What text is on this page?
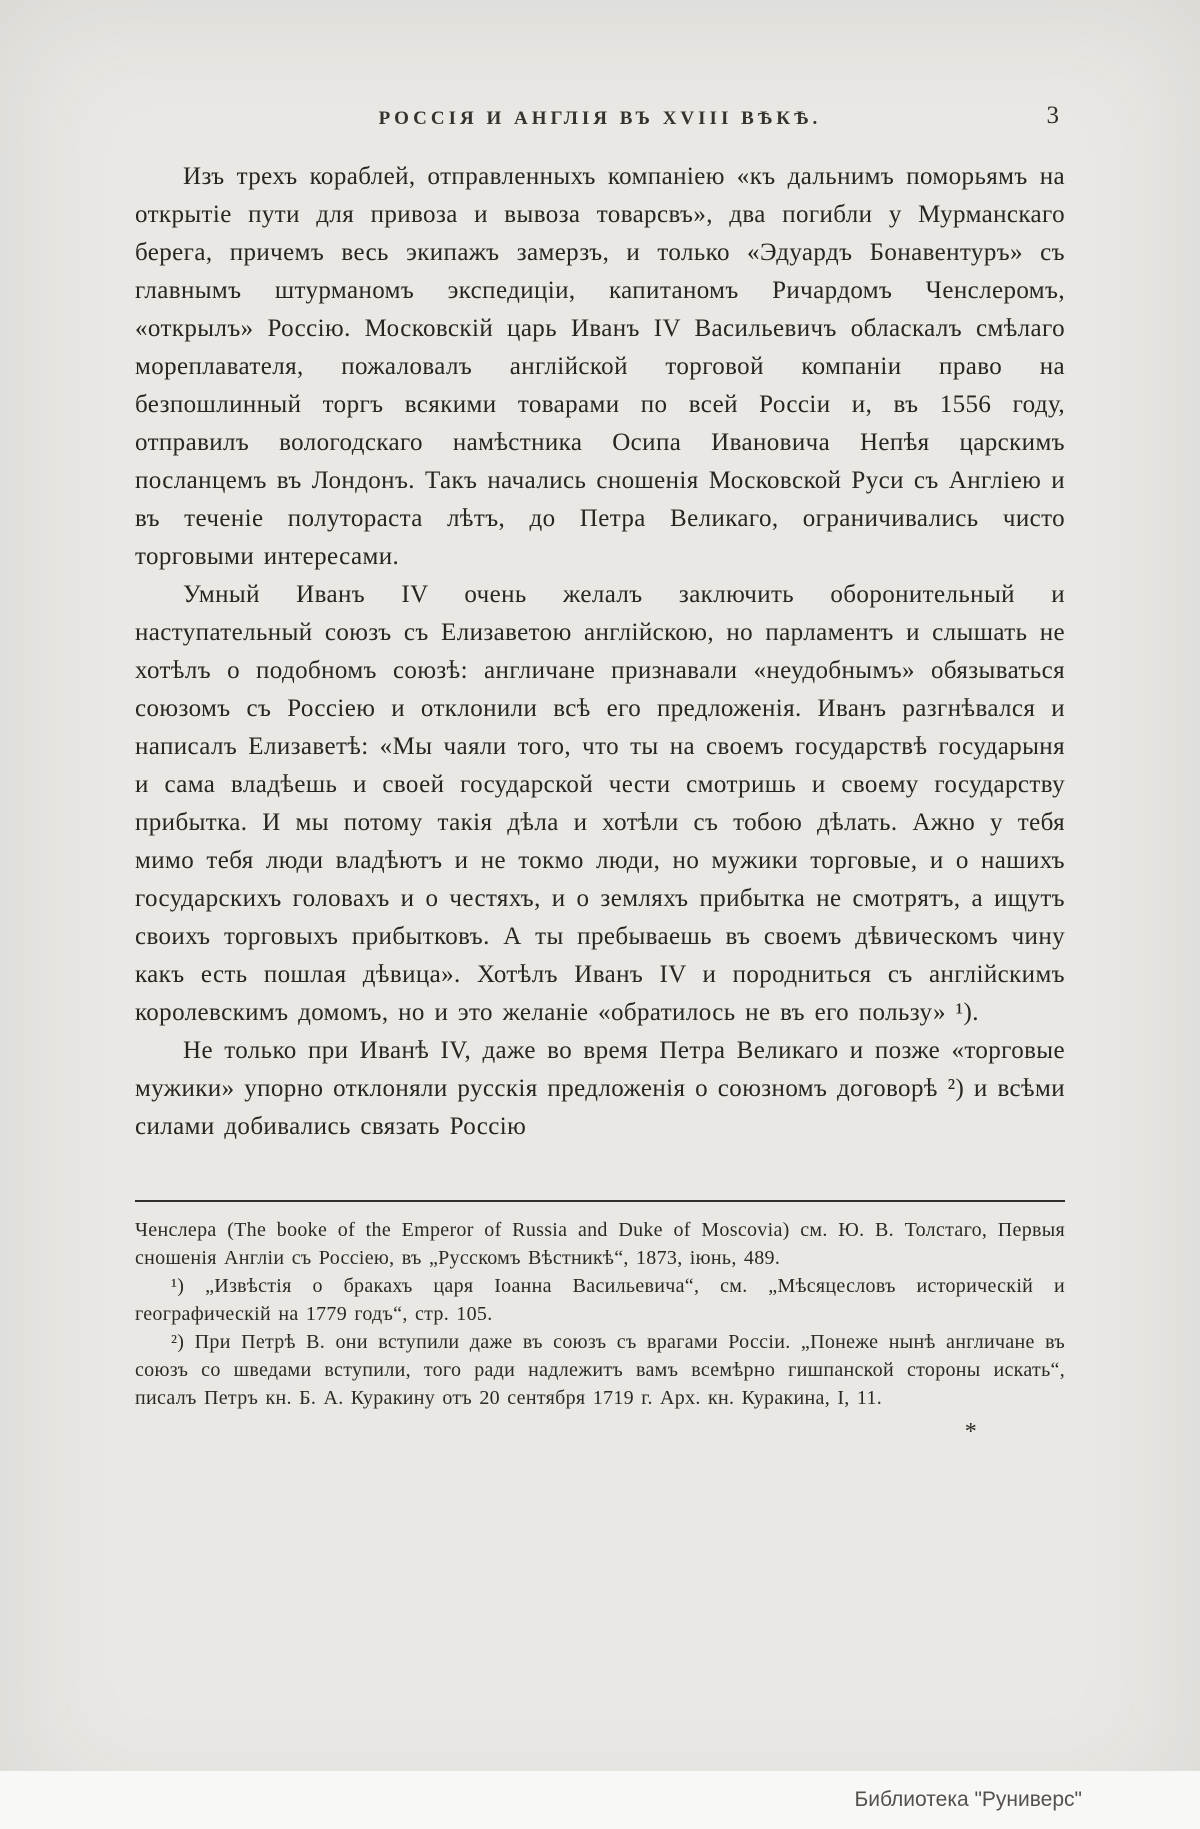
РОССІЯ И АНГЛІЯ ВЪ XVIII ВѢКѢ.	3

Изъ трехъ кораблей, отправленныхъ компаніею «къ дальнимъ поморьямъ на открытіе пути для привоза и вывоза товарсвъ», два погибли у Мурманскаго берега, причемъ весь экипажъ замерзъ, и только «Эдуардъ Бонавентуръ» съ главнымъ штурманомъ экспедиціи, капитаномъ Ричардомъ Ченслеромъ, «открылъ» Россію. Московскій царь Иванъ IV Васильевичъ обласкалъ смѣлаго мореплавателя, пожаловалъ англійской торговой компаніи право на безпошлинный торгъ всякими товарами по всей Россіи и, въ 1556 году, отправилъ вологодскаго намѣстника Осипа Ивановича Непѣя царскимъ посланцемъ въ Лондонъ. Такъ начались сношенія Московской Руси съ Англіею и въ теченіе полутораста лѣтъ, до Петра Великаго, ограничивались чисто торговыми интересами.

Умный Иванъ IV очень желалъ заключить оборонительный и наступательный союзъ съ Елизаветою англійскою, но парламентъ и слышать не хотѣлъ о подобномъ союзѣ: англичане признавали «неудобнымъ» обязываться союзомъ съ Россіею и отклонили всѣ его предложенія. Иванъ разгнѣвался и написалъ Елизаветѣ: «Мы чаяли того, что ты на своемъ государствѣ государыня и сама владѣешь и своей государской чести смотришь и своему государству прибытка. И мы потому такія дѣла и хотѣли съ тобою дѣлать. Ажно у тебя мимо тебя люди владѣютъ и не токмо люди, но мужики торговые, и о нашихъ государскихъ головахъ и о честяхъ, и о земляхъ прибытка не смотрятъ, а ищутъ своихъ торговыхъ прибытковъ. А ты пребываешь въ своемъ дѣвическомъ чину какъ есть пошлая дѣвица». Хотѣлъ Иванъ IV и породниться съ англійскимъ королевскимъ домомъ, но и это желаніе «обратилось не въ его пользу» ¹).

Не только при Иванѣ IV, даже во время Петра Великаго и позже «торговые мужики» упорно отклоняли русскія предложенія о союзномъ договорѣ ²) и всѣми силами добивались связать Россію

Ченслера (The booke of the Emperor of Russia and Duke of Moscovia) см. Ю. В. Толстаго, Первыя сношенія Англіи съ Россіею, въ „Русскомъ Вѣстникѣ“, 1873, іюнь, 489.

¹) „Извѣстія о бракахъ царя Іоанна Васильевича“, см. „Мѣсяцесловъ историческій и географическій на 1779 годъ“, стр. 105.

²) При Петрѣ В. они вступили даже въ союзъ съ врагами Россіи. „Понеже нынѣ англичане въ союзъ со шведами вступили, того ради надлежитъ вамъ всемѣрно гишпанской стороны искать“, писалъ Петръ кн. Б. А. Куракину отъ 20 сентября 1719 г. Арх. кн. Куракина, I, 11.

*
Библиотека "Руниверс"
